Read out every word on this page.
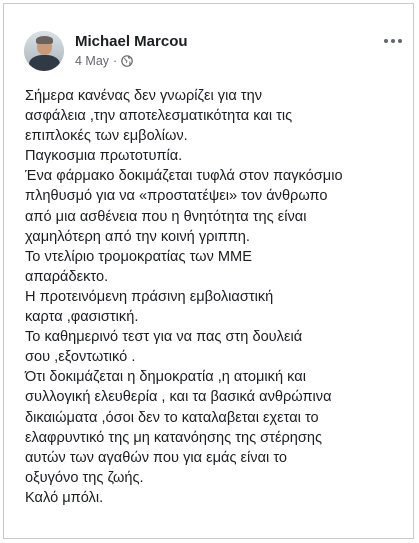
Michael Marcou
4 May ·
Σήμερα κανένας δεν γνωρίζει για την
ασφάλεια ,την αποτελεσματικότητα και τις
επιπλοκές των εμβολίων.
Παγκοσμια πρωτοτυπία.
Ένα φάρμακο δοκιμάζεται τυφλά στον παγκόσμιο
πληθυσμό για να «προστατέψει» τον άνθρωπο
από μια ασθένεια που η θνητότητα της είναι
χαμηλότερη από την κοινή γριππη.
Το ντελίριο τρομοκρατίας των ΜΜΕ
απαράδεκτο.
Η προτεινόμενη πράσινη εμβολιαστική
καρτα ,φασιστική.
Το καθημερινό τεστ για να πας στη δουλειά
σου ,εξοντωτικό .
Ότι δοκιμάζεται η δημοκρατία ,η ατομική και
συλλογική ελευθερία , και τα βασικά ανθρώπινα
δικαιώματα ,όσοι δεν το καταλαβεται εχεται το
ελαφρυντικό της μη κατανόησης της στέρησης
αυτών των αγαθών που για εμάς είναι το
οξυγόνο της ζωής.
Καλό μπόλι.
